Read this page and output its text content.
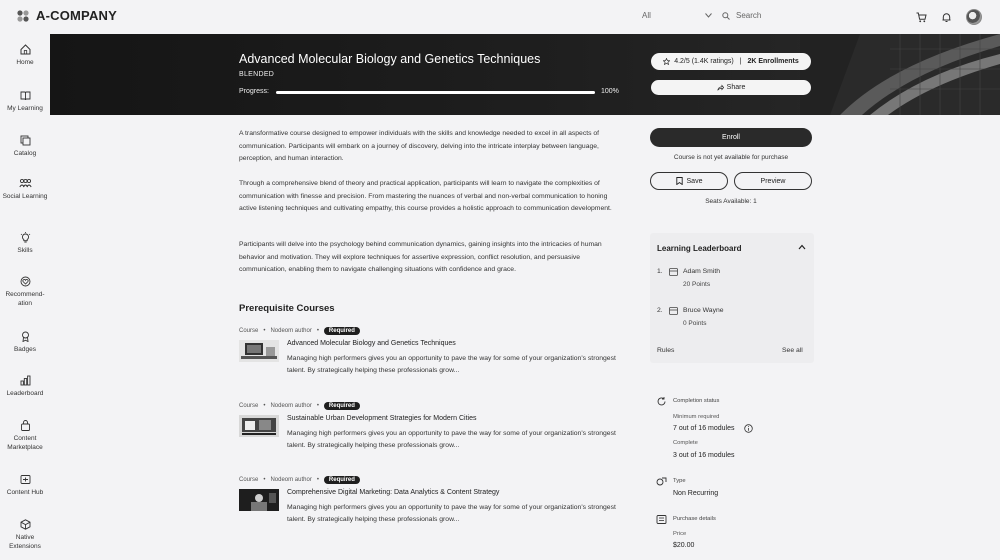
A-COMPANY	All	Search
Home
My Learning
Catalog
Social Learning
Skills
Recommend-ation
Badges
Leaderboard
Content Marketplace
Content Hub
Native Extensions
Advanced Molecular Biology and Genetics Techniques
BLENDED
Progress:	100%
4.2/5 (1.4K ratings) | 2K Enrollments
Share

A transformative course designed to empower individuals with the skills and knowledge needed to excel in all aspects of communication. Participants will embark on a journey of discovery, delving into the intricate interplay between language, perception, and human interaction.

Through a comprehensive blend of theory and practical application, participants will learn to navigate the complexities of communication with finesse and precision. From mastering the nuances of verbal and non-verbal communication to honing active listening techniques and cultivating empathy, this course provides a holistic approach to communication development.

Participants will delve into the psychology behind communication dynamics, gaining insights into the intricacies of human behavior and motivation. They will explore techniques for assertive expression, conflict resolution, and persuasive communication, enabling them to navigate challenging situations with confidence and grace.

Prerequisite Courses
Course • Nodeom author •	Required
Advanced Molecular Biology and Genetics Techniques
Managing high performers gives you an opportunity to pave the way for some of your organization's strongest talent. By strategically helping these professionals grow...
Course • Nodeom author •	Required
Sustainable Urban Development Strategies for Modern Cities
Managing high performers gives you an opportunity to pave the way for some of your organization's strongest talent. By strategically helping these professionals grow...
Course • Nodeom author •	Required
Comprehensive Digital Marketing: Data Analytics & Content Strategy
Managing high performers gives you an opportunity to pave the way for some of your organization's strongest talent. By strategically helping these professionals grow...
Enroll
Course is not yet available for purchase
Save	Preview
Seats Available: 1
Learning Leaderboard
1.	Adam Smith
20 Points
2.	Bruce Wayne
0 Points
Rules	See all
Completion status
Minimum required
7 out of 16 modules
Complete
3 out of 16 modules
Type
Non Recurring
Purchase details
Price
$20.00
